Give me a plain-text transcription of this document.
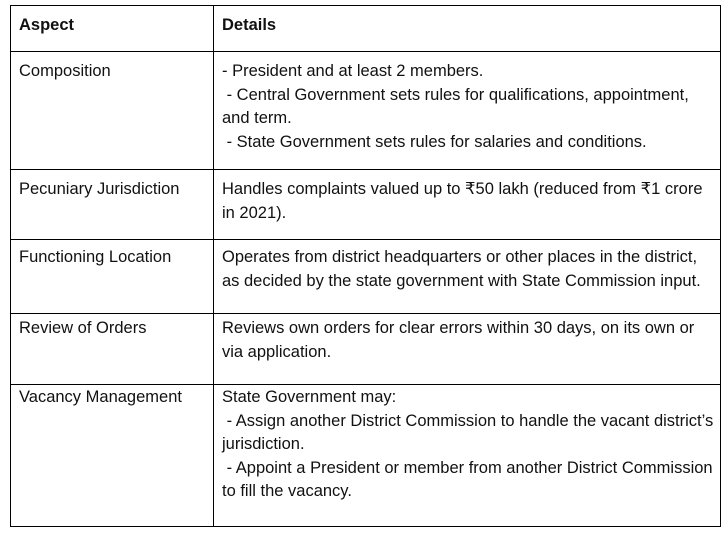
Aspect	Details
Composition	- President and at least 2 members.
- Central Government sets rules for qualifications, appointment, and term.
- State Government sets rules for salaries and conditions.

Pecuniary Jurisdiction	Handles complaints valued up to ₹50 lakh (reduced from ₹1 crore in 2021).

Functioning Location	Operates from district headquarters or other places in the district, as decided by the state government with State Commission input.

Review of Orders	Reviews own orders for clear errors within 30 days, on its own or via application.

Vacancy Management	State Government may:
- Assign another District Commission to handle the vacant district’s jurisdiction.
- Appoint a President or member from another District Commission to fill the vacancy.
